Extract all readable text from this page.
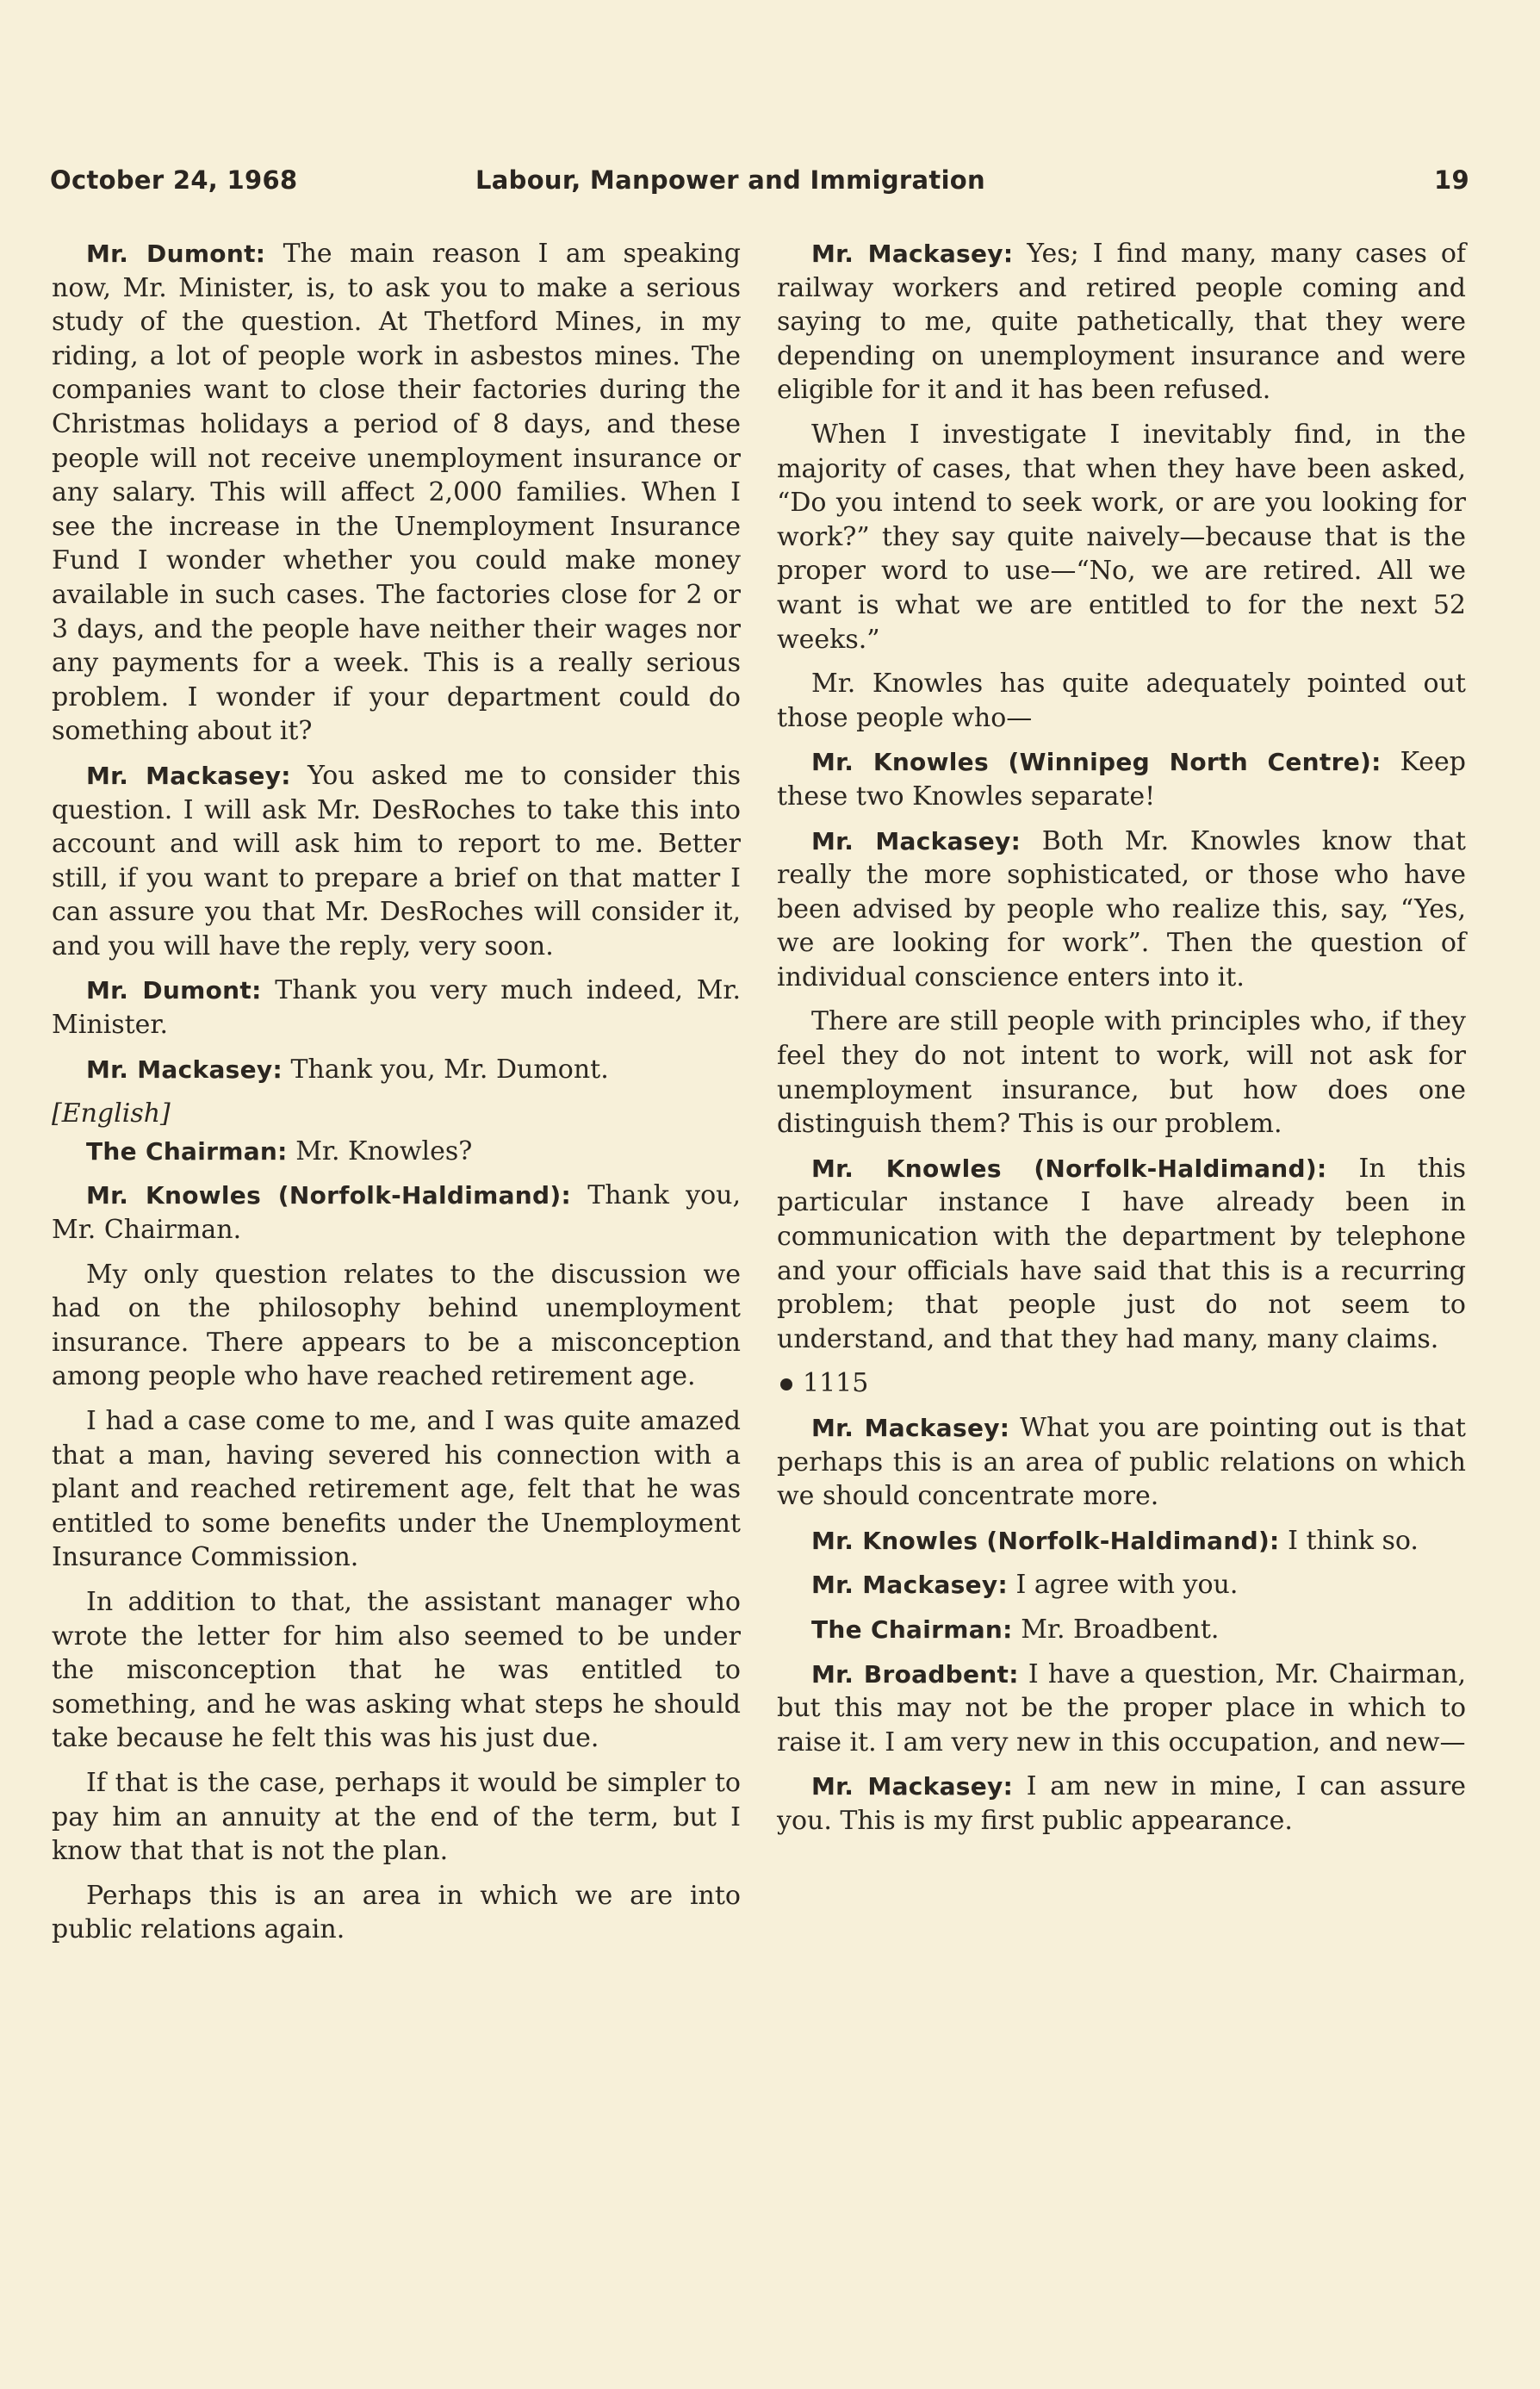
October 24, 1968	Labour, Manpower and Immigration	19

Mr. Dumont: The main reason I am speaking now, Mr. Minister, is, to ask you to make a serious study of the question. At Thetford Mines, in my riding, a lot of people work in asbestos mines. The companies want to close their factories during the Christmas holidays a period of 8 days, and these people will not receive unemployment insurance or any salary. This will affect 2,000 families. When I see the increase in the Unemployment Insurance Fund I wonder whether you could make money available in such cases. The factories close for 2 or 3 days, and the people have neither their wages nor any payments for a week. This is a really serious problem. I wonder if your department could do something about it?

Mr. Mackasey: You asked me to consider this question. I will ask Mr. DesRoches to take this into account and will ask him to report to me. Better still, if you want to prepare a brief on that matter I can assure you that Mr. DesRoches will consider it, and you will have the reply, very soon.

Mr. Dumont: Thank you very much indeed, Mr. Minister.

Mr. Mackasey: Thank you, Mr. Dumont.

[English]

The Chairman: Mr. Knowles?

Mr. Knowles (Norfolk-Haldimand): Thank you, Mr. Chairman.

My only question relates to the discussion we had on the philosophy behind unemployment insurance. There appears to be a misconception among people who have reached retirement age.

I had a case come to me, and I was quite amazed that a man, having severed his connection with a plant and reached retirement age, felt that he was entitled to some benefits under the Unemployment Insurance Commission.

In addition to that, the assistant manager who wrote the letter for him also seemed to be under the misconception that he was entitled to something, and he was asking what steps he should take because he felt this was his just due.

If that is the case, perhaps it would be simpler to pay him an annuity at the end of the term, but I know that that is not the plan.

Perhaps this is an area in which we are into public relations again.

Mr. Mackasey: Yes; I find many, many cases of railway workers and retired people coming and saying to me, quite pathetically, that they were depending on unemployment insurance and were eligible for it and it has been refused.

When I investigate I inevitably find, in the majority of cases, that when they have been asked, “Do you intend to seek work, or are you looking for work?” they say quite naively—because that is the proper word to use—“No, we are retired. All we want is what we are entitled to for the next 52 weeks.”

Mr. Knowles has quite adequately pointed out those people who—

Mr. Knowles (Winnipeg North Centre): Keep these two Knowles separate!

Mr. Mackasey: Both Mr. Knowles know that really the more sophisticated, or those who have been advised by people who realize this, say, “Yes, we are looking for work”. Then the question of individual conscience enters into it.

There are still people with principles who, if they feel they do not intent to work, will not ask for unemployment insurance, but how does one distinguish them? This is our problem.

Mr. Knowles (Norfolk-Haldimand): In this particular instance I have already been in communication with the department by telephone and your officials have said that this is a recurring problem; that people just do not seem to understand, and that they had many, many claims.

1115

Mr. Mackasey: What you are pointing out is that perhaps this is an area of public relations on which we should concentrate more.

Mr. Knowles (Norfolk-Haldimand): I think so.

Mr. Mackasey: I agree with you.

The Chairman: Mr. Broadbent.

Mr. Broadbent: I have a question, Mr. Chairman, but this may not be the proper place in which to raise it. I am very new in this occupation, and new—

Mr. Mackasey: I am new in mine, I can assure you. This is my first public appearance.
